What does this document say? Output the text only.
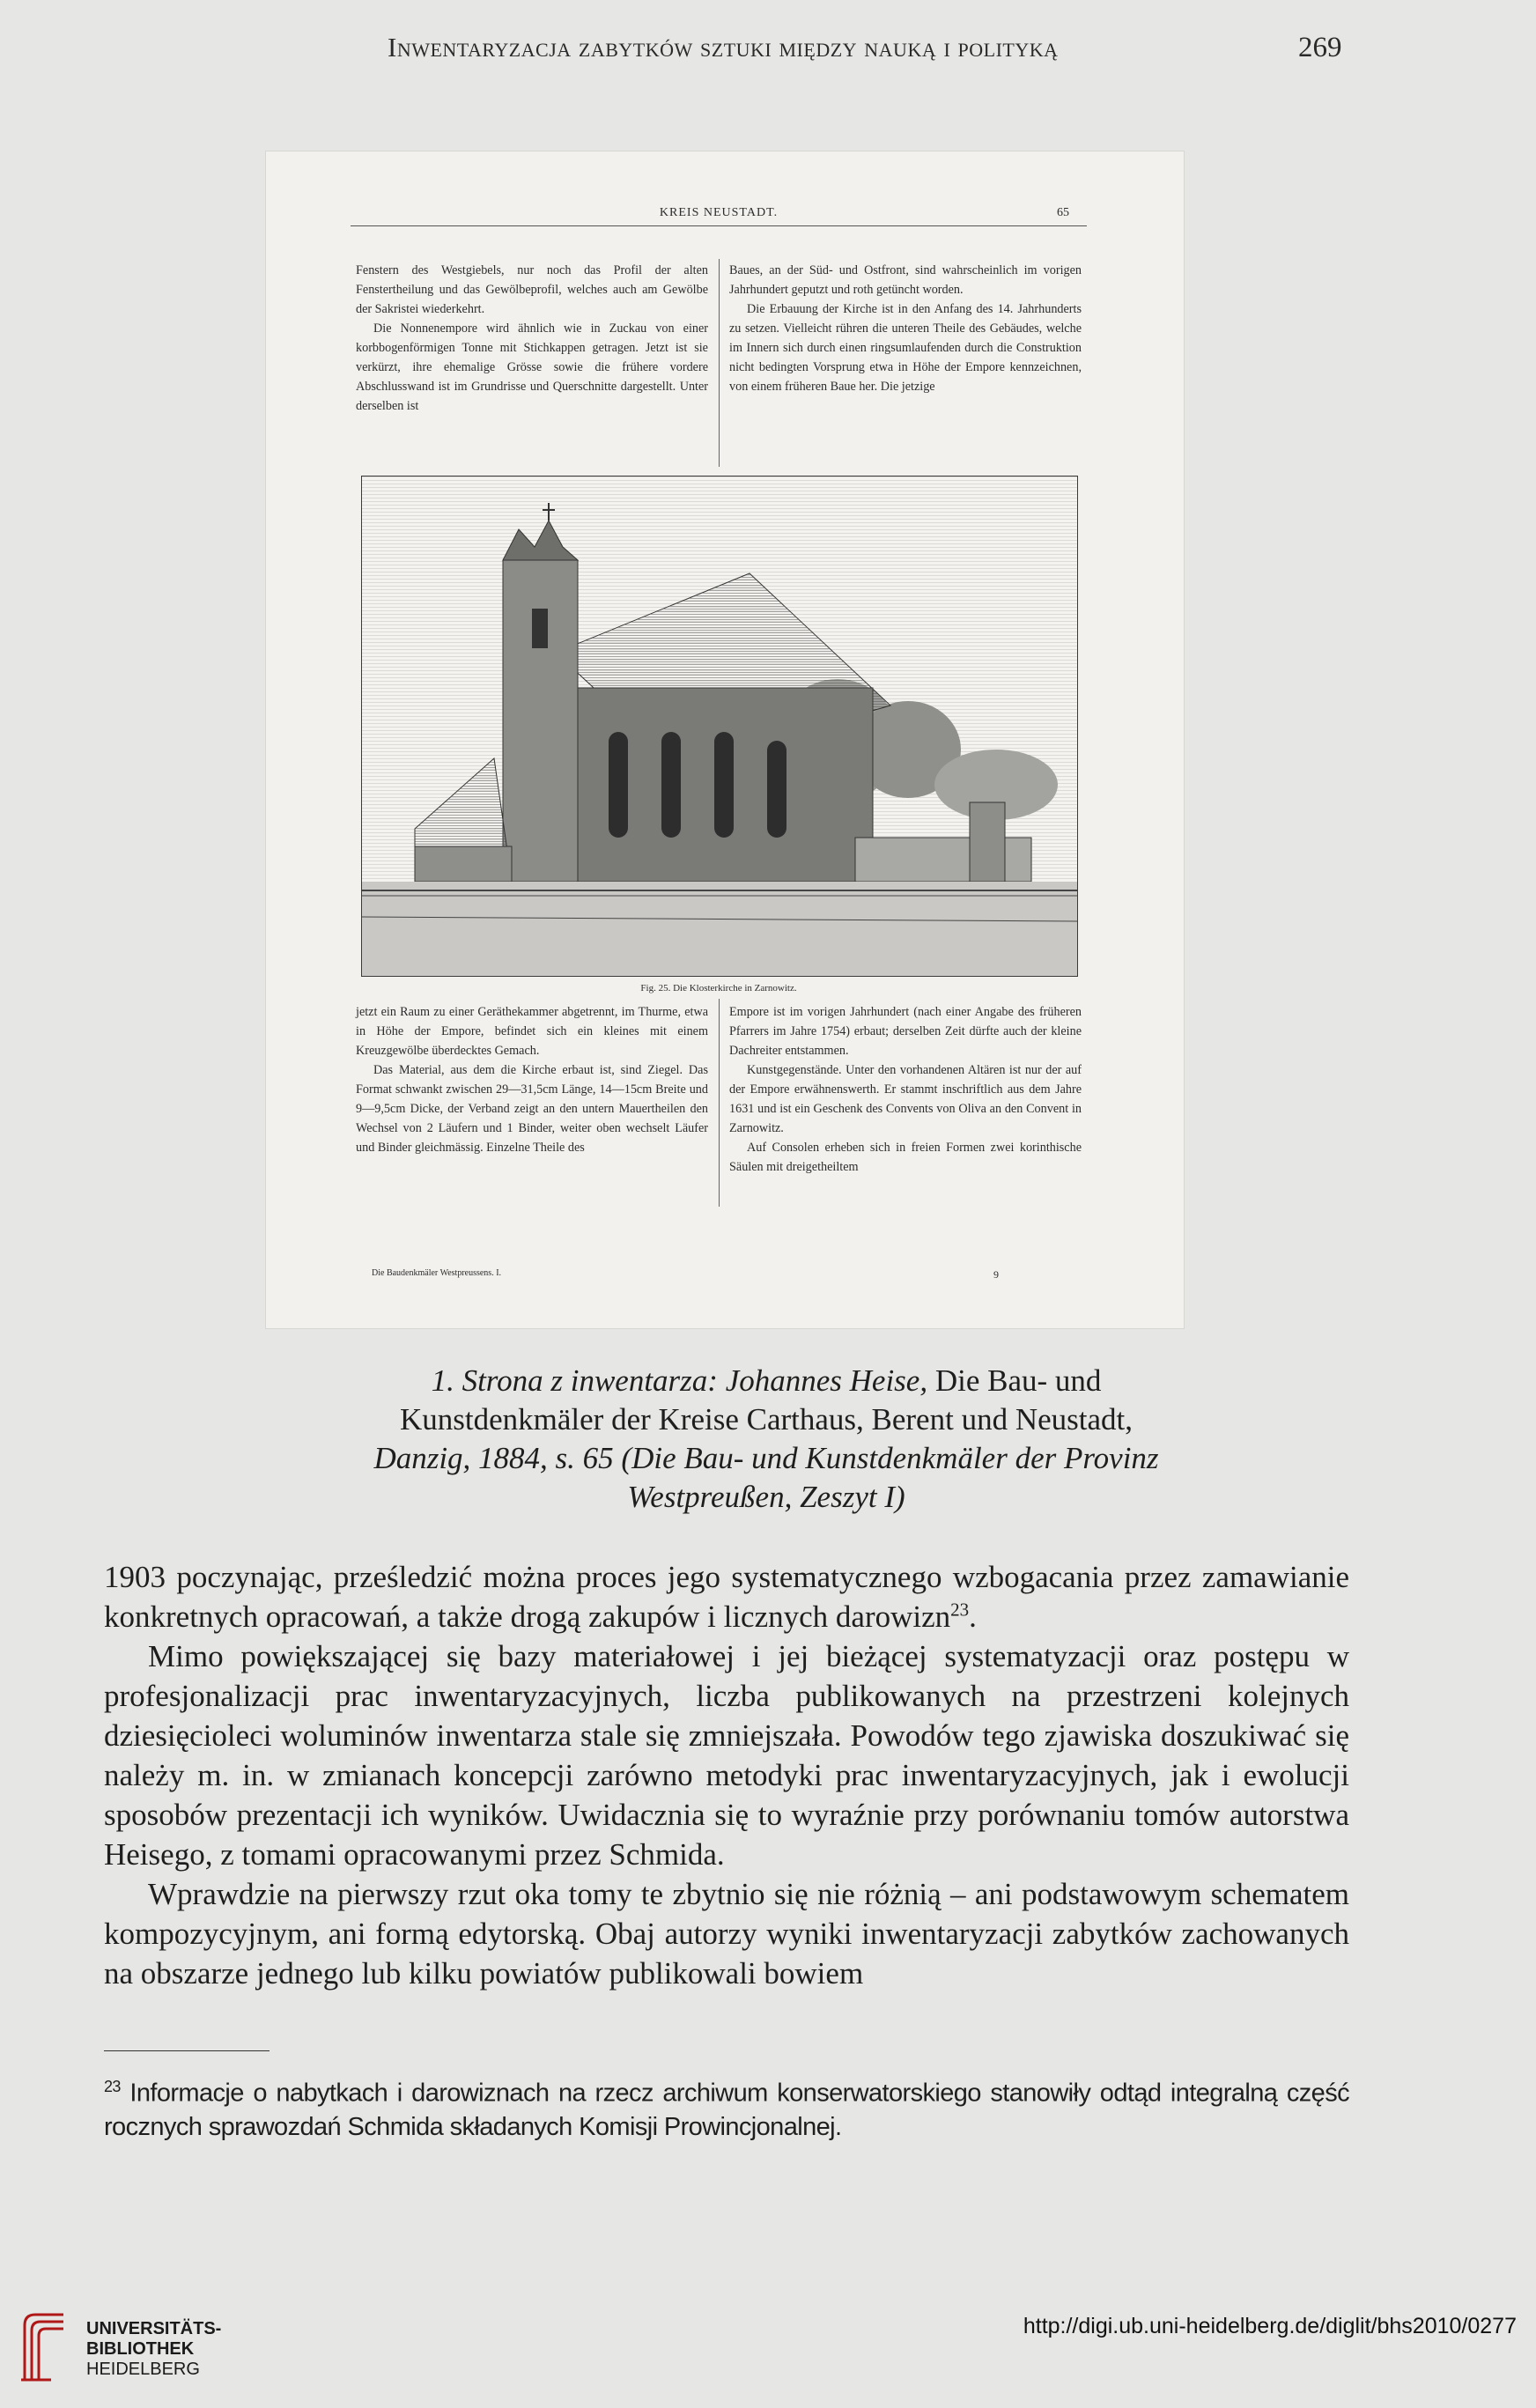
Inwentaryzacja zabytków sztuki między nauką i polityką	269
KREIS NEUSTADT.	65

Fenstern des Westgiebels, nur noch das Profil der alten Fenstertheilung und das Gewölbeprofil, welches auch am Gewölbe der Sakristei wiederkehrt.

Die Nonnenempore wird ähnlich wie in Zuckau von einer korbbogenförmigen Tonne mit Stichkappen getragen. Jetzt ist sie verkürzt, ihre ehemalige Grösse sowie die frühere vordere Abschlusswand ist im Grundrisse und Querschnitte dargestellt. Unter derselben ist

Baues, an der Süd- und Ostfront, sind wahrscheinlich im vorigen Jahrhundert geputzt und roth getüncht worden.

Die Erbauung der Kirche ist in den Anfang des 14. Jahrhunderts zu setzen. Vielleicht rühren die unteren Theile des Gebäudes, welche im Innern sich durch einen ringsumlaufenden durch die Construktion nicht bedingten Vorsprung etwa in Höhe der Empore kennzeichnen, von einem früheren Baue her. Die jetzige

Fig. 25. Die Klosterkirche in Zarnowitz.

jetzt ein Raum zu einer Geräthekammer abgetrennt, im Thurme, etwa in Höhe der Empore, befindet sich ein kleines mit einem Kreuzgewölbe überdecktes Gemach.

Das Material, aus dem die Kirche erbaut ist, sind Ziegel. Das Format schwankt zwischen 29—31,5cm Länge, 14—15cm Breite und 9—9,5cm Dicke, der Verband zeigt an den untern Mauertheilen den Wechsel von 2 Läufern und 1 Binder, weiter oben wechselt Läufer und Binder gleichmässig. Einzelne Theile des

Empore ist im vorigen Jahrhundert (nach einer Angabe des früheren Pfarrers im Jahre 1754) erbaut; derselben Zeit dürfte auch der kleine Dachreiter entstammen.

Kunstgegenstände. Unter den vorhandenen Altären ist nur der auf der Empore erwähnenswerth. Er stammt inschriftlich aus dem Jahre 1631 und ist ein Geschenk des Convents von Oliva an den Convent in Zarnowitz.

Auf Consolen erheben sich in freien Formen zwei korinthische Säulen mit dreigetheiltem

Die Baudenkmäler Westpreussens. I.	9
1. Strona z inwentarza: Johannes Heise, Die Bau- und
Kunstdenkmäler der Kreise Carthaus, Berent und Neustadt,
Danzig, 1884, s. 65 (Die Bau- und Kunstdenkmäler der Provinz
Westpreußen, Zeszyt I)

1903 poczynając, prześledzić można proces jego systematycznego wzbogacania przez zamawianie konkretnych opracowań, a także drogą zakupów i licznych darowizn$^{23}$.

Mimo powiększającej się bazy materiałowej i jej bieżącej systematyzacji oraz postępu w profesjonalizacji prac inwentaryzacyjnych, liczba publikowanych na przestrzeni kolejnych dziesięcioleci woluminów inwentarza stale się zmniejszała. Powodów tego zjawiska doszukiwać się należy m. in. w zmianach koncepcji zarówno metodyki prac inwentaryzacyjnych, jak i ewolucji sposobów prezentacji ich wyników. Uwidacznia się to wyraźnie przy porównaniu tomów autorstwa Heisego, z tomami opracowanymi przez Schmida.

Wprawdzie na pierwszy rzut oka tomy te zbytnio się nie różnią – ani podstawowym schematem kompozycyjnym, ani formą edytorską. Obaj autorzy wyniki inwentaryzacji zabytków zachowanych na obszarze jednego lub kilku powiatów publikowali bowiem

$^{23}$ Informacje o nabytkach i darowiznach na rzecz archiwum konserwatorskiego stanowiły odtąd integralną część rocznych sprawozdań Schmida składanych Komisji Prowincjonalnej.
UNIVERSITÄTS-
BIBLIOTHEK
HEIDELBERG
http://digi.ub.uni-heidelberg.de/diglit/bhs2010/0277
